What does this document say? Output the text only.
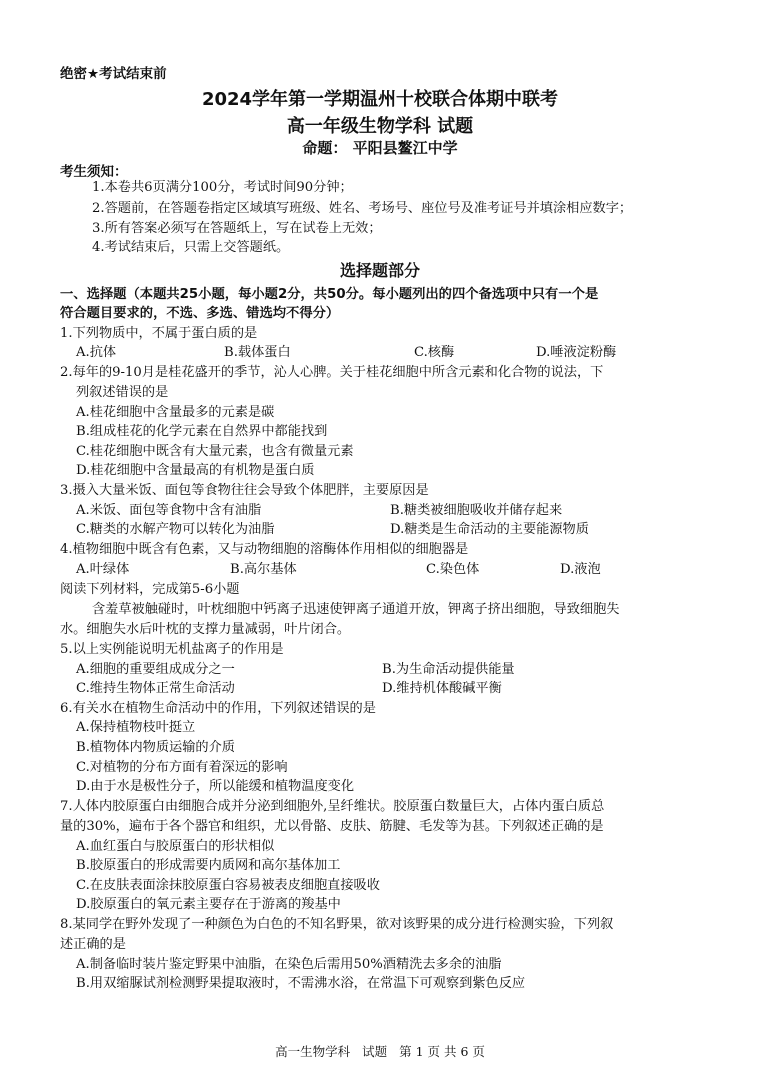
绝密★考试结束前
2024学年第一学期温州十校联合体期中联考
高一年级生物学科 试题
命题： 平阳县鳌江中学
考生须知：
1.本卷共6页满分100分，考试时间90分钟；
2.答题前，在答题卷指定区域填写班级、姓名、考场号、座位号及准考证号并填涂相应数字；
3.所有答案必须写在答题纸上，写在试卷上无效；
4.考试结束后，只需上交答题纸。
选择题部分
一、选择题（本题共25小题，每小题2分，共50分。每小题列出的四个备选项中只有一个是
符合题目要求的，不选、多选、错选均不得分）
1.下列物质中，不属于蛋白质的是
A.抗体	B.载体蛋白	C.核酶	D.唾液淀粉酶
2.每年的9-10月是桂花盛开的季节，沁人心脾。关于桂花细胞中所含元素和化合物的说法，下
列叙述错误的是
A.桂花细胞中含量最多的元素是碳
B.组成桂花的化学元素在自然界中都能找到
C.桂花细胞中既含有大量元素，也含有微量元素
D.桂花细胞中含量最高的有机物是蛋白质
3.摄入大量米饭、面包等食物往往会导致个体肥胖，主要原因是
A.米饭、面包等食物中含有油脂	B.糖类被细胞吸收并储存起来
C.糖类的水解产物可以转化为油脂	D.糖类是生命活动的主要能源物质
4.植物细胞中既含有色素，又与动物细胞的溶酶体作用相似的细胞器是
A.叶绿体	B.高尔基体	C.染色体	D.液泡
阅读下列材料，完成第5-6小题
含羞草被触碰时，叶枕细胞中钙离子迅速使钾离子通道开放，钾离子挤出细胞，导致细胞失
水。细胞失水后叶枕的支撑力量减弱，叶片闭合。
5.以上实例能说明无机盐离子的作用是
A.细胞的重要组成成分之一	B.为生命活动提供能量
C.维持生物体正常生命活动	D.维持机体酸碱平衡
6.有关水在植物生命活动中的作用，下列叙述错误的是
A.保持植物枝叶挺立
B.植物体内物质运输的介质
C.对植物的分布方面有着深远的影响
D.由于水是极性分子，所以能缓和植物温度变化
7.人体内胶原蛋白由细胞合成并分泌到细胞外,呈纤维状。胶原蛋白数量巨大，占体内蛋白质总
量的30%，遍布于各个器官和组织，尤以骨骼、皮肤、筋腱、毛发等为甚。下列叙述正确的是
A.血红蛋白与胶原蛋白的形状相似
B.胶原蛋白的形成需要内质网和高尔基体加工
C.在皮肤表面涂抹胶原蛋白容易被表皮细胞直接吸收
D.胶原蛋白的氧元素主要存在于游离的羧基中
8.某同学在野外发现了一种颜色为白色的不知名野果，欲对该野果的成分进行检测实验，下列叙
述正确的是
A.制备临时装片鉴定野果中油脂，在染色后需用50%酒精洗去多余的油脂
B.用双缩脲试剂检测野果提取液时，不需沸水浴，在常温下可观察到紫色反应
高一生物学科 试题 第 1 页 共 6 页
